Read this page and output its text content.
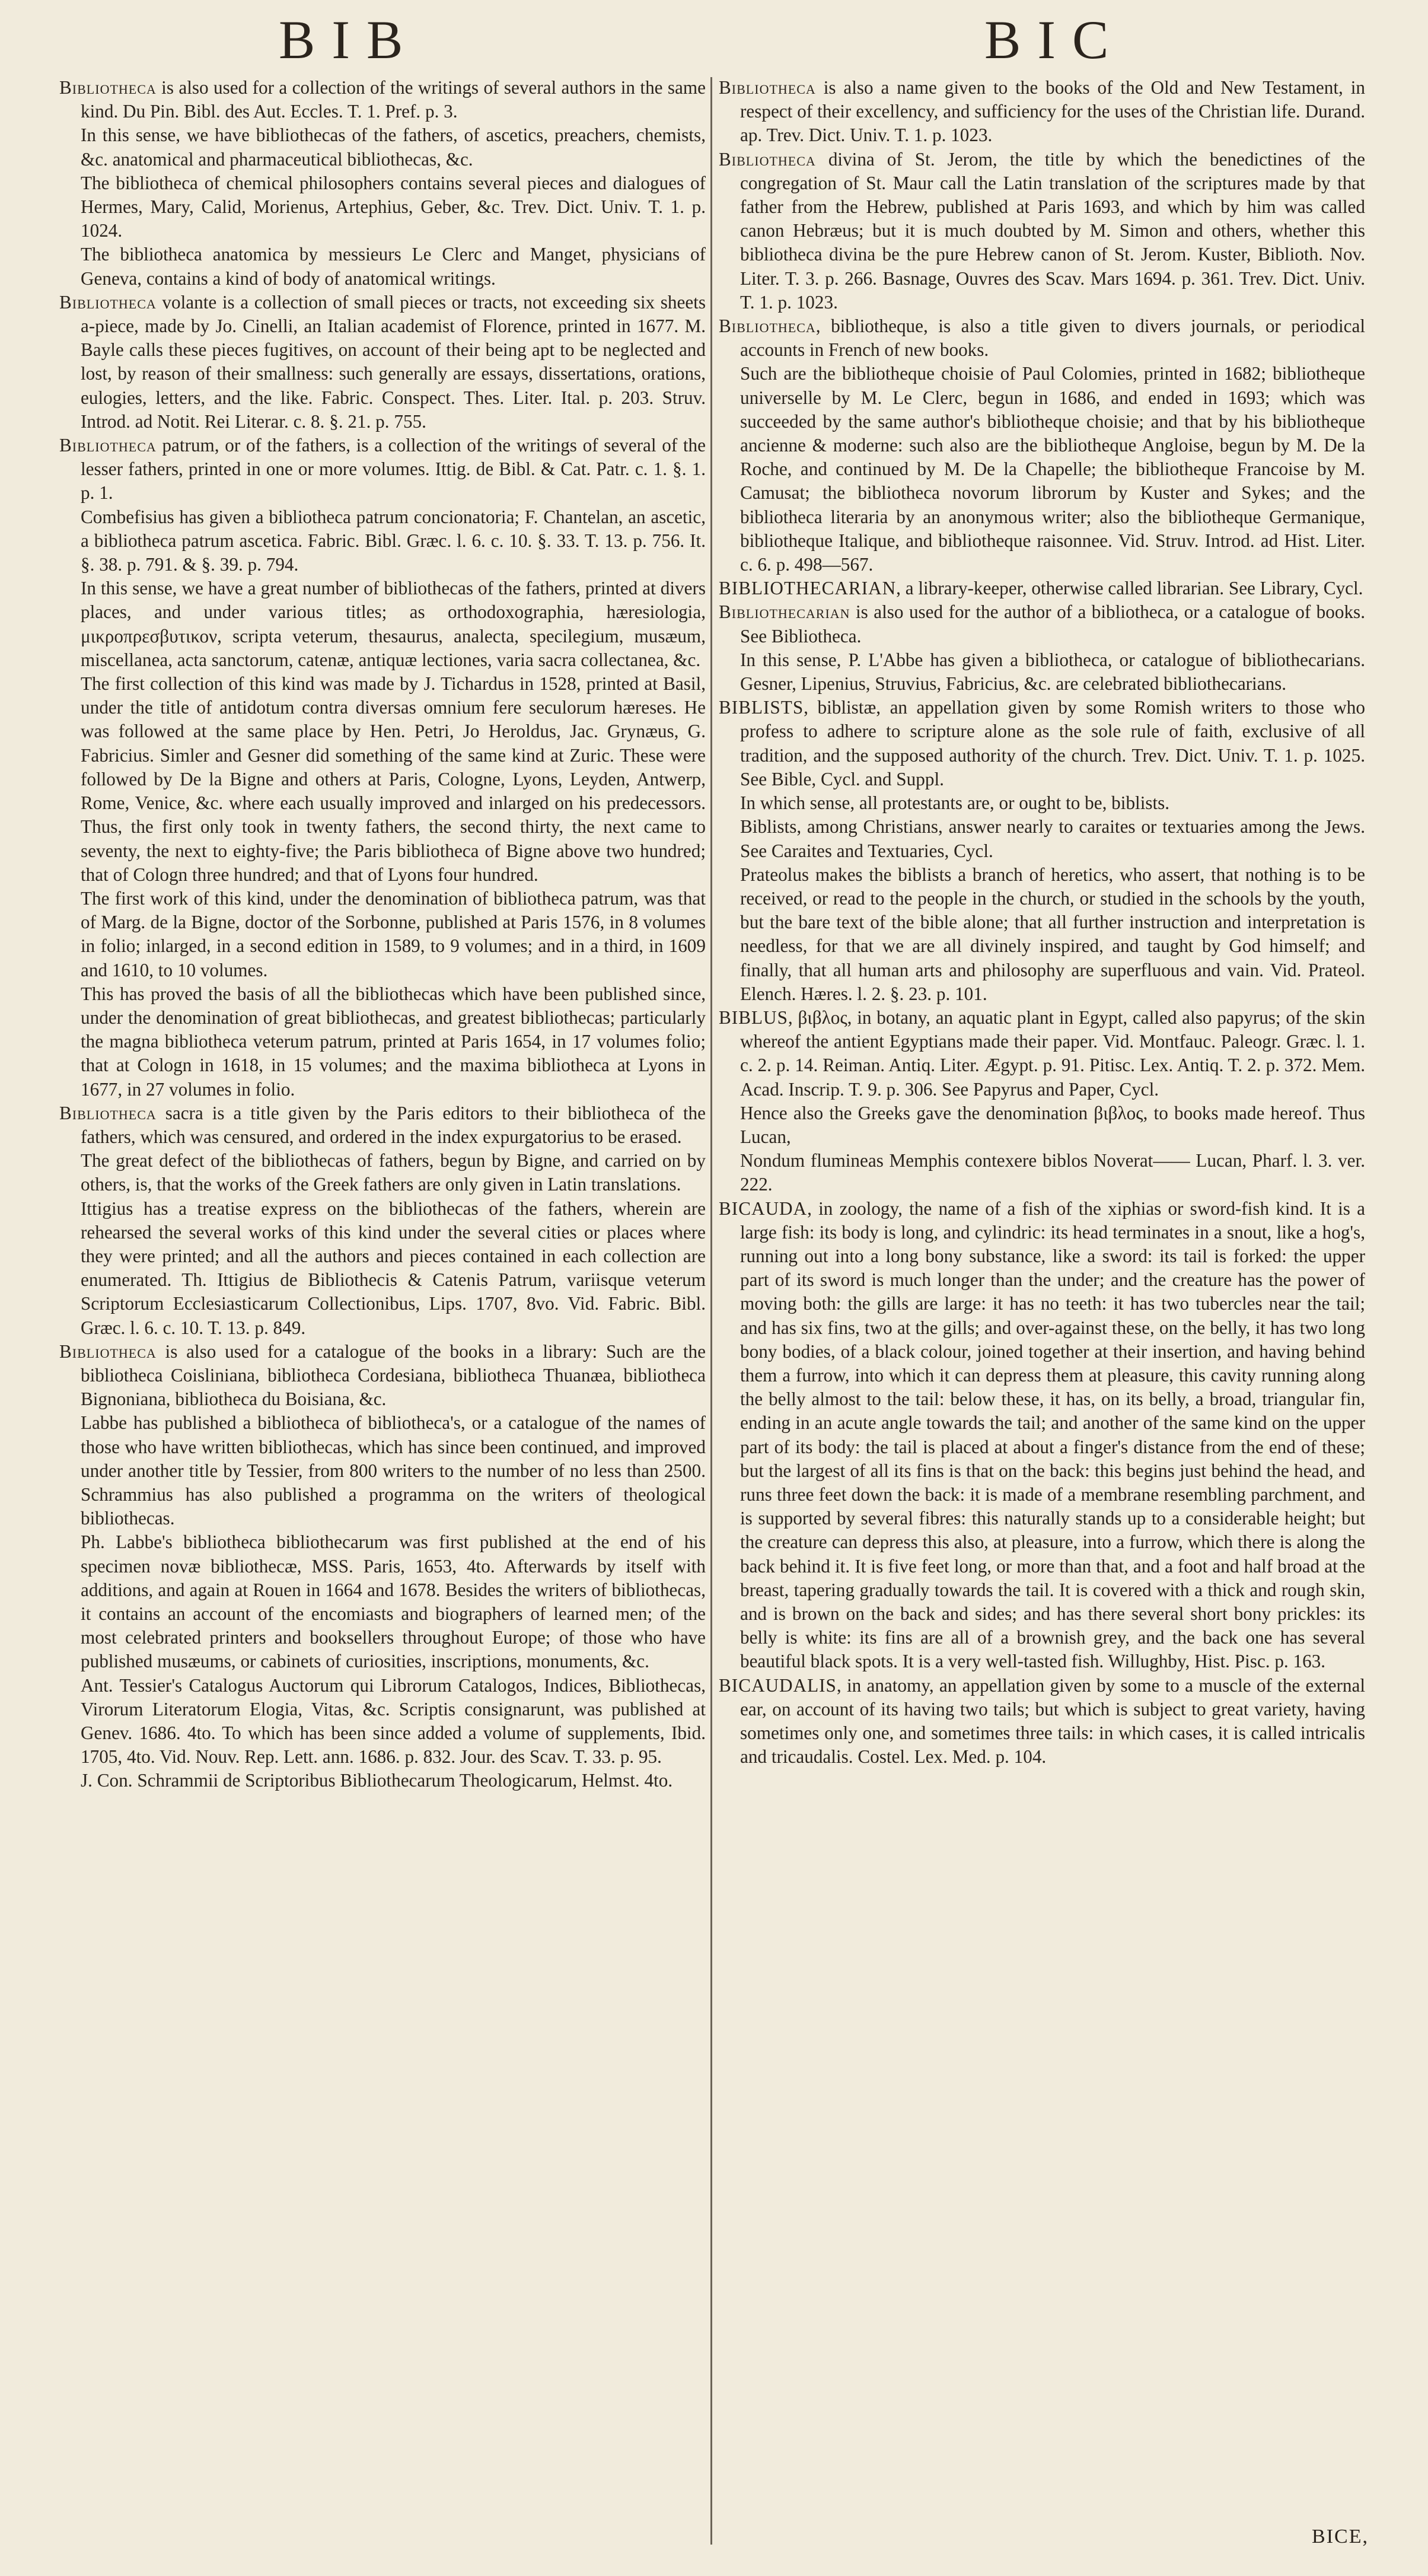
BIB	BIC

Bibliotheca is also used for a collection of the writings of several authors in the same kind. Du Pin. Bibl. des Aut. Eccles. T. 1. Pref. p. 3.

In this sense, we have bibliothecas of the fathers, of ascetics, preachers, chemists, &c. anatomical and pharmaceutical bibliothecas, &c.

The bibliotheca of chemical philosophers contains several pieces and dialogues of Hermes, Mary, Calid, Morienus, Artephius, Geber, &c. Trev. Dict. Univ. T. 1. p. 1024.

The bibliotheca anatomica by messieurs Le Clerc and Manget, physicians of Geneva, contains a kind of body of anatomical writings.

Bibliotheca volante is a collection of small pieces or tracts, not exceeding six sheets a-piece, made by Jo. Cinelli, an Italian academist of Florence, printed in 1677. M. Bayle calls these pieces fugitives, on account of their being apt to be neglected and lost, by reason of their smallness: such generally are essays, dissertations, orations, eulogies, letters, and the like. Fabric. Conspect. Thes. Liter. Ital. p. 203. Struv. Introd. ad Notit. Rei Literar. c. 8. §. 21. p. 755.

Bibliotheca patrum, or of the fathers, is a collection of the writings of several of the lesser fathers, printed in one or more volumes. Ittig. de Bibl. & Cat. Patr. c. 1. §. 1. p. 1.

Combefisius has given a bibliotheca patrum concionatoria; F. Chantelan, an ascetic, a bibliotheca patrum ascetica. Fabric. Bibl. Græc. l. 6. c. 10. §. 33. T. 13. p. 756. It. §. 38. p. 791. & §. 39. p. 794.

In this sense, we have a great number of bibliothecas of the fathers, printed at divers places, and under various titles; as orthodoxographia, hæresiologia, μικροπρεσβυτικον, scripta veterum, thesaurus, analecta, specilegium, musæum, miscellanea, acta sanctorum, catenæ, antiquæ lectiones, varia sacra collectanea, &c.

The first collection of this kind was made by J. Tichardus in 1528, printed at Basil, under the title of antidotum contra diversas omnium fere seculorum hæreses. He was followed at the same place by Hen. Petri, Jo Heroldus, Jac. Grynæus, G. Fabricius. Simler and Gesner did something of the same kind at Zuric. These were followed by De la Bigne and others at Paris, Cologne, Lyons, Leyden, Antwerp, Rome, Venice, &c. where each usually improved and inlarged on his predecessors. Thus, the first only took in twenty fathers, the second thirty, the next came to seventy, the next to eighty-five; the Paris bibliotheca of Bigne above two hundred; that of Cologn three hundred; and that of Lyons four hundred.

The first work of this kind, under the denomination of bibliotheca patrum, was that of Marg. de la Bigne, doctor of the Sorbonne, published at Paris 1576, in 8 volumes in folio; inlarged, in a second edition in 1589, to 9 volumes; and in a third, in 1609 and 1610, to 10 volumes.

This has proved the basis of all the bibliothecas which have been published since, under the denomination of great bibliothecas, and greatest bibliothecas; particularly the magna bibliotheca veterum patrum, printed at Paris 1654, in 17 volumes folio; that at Cologn in 1618, in 15 volumes; and the maxima bibliotheca at Lyons in 1677, in 27 volumes in folio.

Bibliotheca sacra is a title given by the Paris editors to their bibliotheca of the fathers, which was censured, and ordered in the index expurgatorius to be erased.

The great defect of the bibliothecas of fathers, begun by Bigne, and carried on by others, is, that the works of the Greek fathers are only given in Latin translations.

Ittigius has a treatise express on the bibliothecas of the fathers, wherein are rehearsed the several works of this kind under the several cities or places where they were printed; and all the authors and pieces contained in each collection are enumerated. Th. Ittigius de Bibliothecis & Catenis Patrum, variisque veterum Scriptorum Ecclesiasticarum Collectionibus, Lips. 1707, 8vo. Vid. Fabric. Bibl. Græc. l. 6. c. 10. T. 13. p. 849.

Bibliotheca is also used for a catalogue of the books in a library: Such are the bibliotheca Coisliniana, bibliotheca Cordesiana, bibliotheca Thuanæa, bibliotheca Bignoniana, bibliotheca du Boisiana, &c.

Labbe has published a bibliotheca of bibliotheca's, or a catalogue of the names of those who have written bibliothecas, which has since been continued, and improved under another title by Tessier, from 800 writers to the number of no less than 2500. Schrammius has also published a programma on the writers of theological bibliothecas.

Ph. Labbe's bibliotheca bibliothecarum was first published at the end of his specimen novæ bibliothecæ, MSS. Paris, 1653, 4to. Afterwards by itself with additions, and again at Rouen in 1664 and 1678. Besides the writers of bibliothecas, it contains an account of the encomiasts and biographers of learned men; of the most celebrated printers and booksellers throughout Europe; of those who have published musæums, or cabinets of curiosities, inscriptions, monuments, &c.

Ant. Tessier's Catalogus Auctorum qui Librorum Catalogos, Indices, Bibliothecas, Virorum Literatorum Elogia, Vitas, &c. Scriptis consignarunt, was published at Genev. 1686. 4to. To which has been since added a volume of supplements, Ibid. 1705, 4to. Vid. Nouv. Rep. Lett. ann. 1686. p. 832. Jour. des Scav. T. 33. p. 95.

J. Con. Schrammii de Scriptoribus Bibliothecarum Theologicarum, Helmst. 4to.

Bibliotheca is also a name given to the books of the Old and New Testament, in respect of their excellency, and sufficiency for the uses of the Christian life. Durand. ap. Trev. Dict. Univ. T. 1. p. 1023.

Bibliotheca divina of St. Jerom, the title by which the benedictines of the congregation of St. Maur call the Latin translation of the scriptures made by that father from the Hebrew, published at Paris 1693, and which by him was called canon Hebræus; but it is much doubted by M. Simon and others, whether this bibliotheca divina be the pure Hebrew canon of St. Jerom. Kuster, Biblioth. Nov. Liter. T. 3. p. 266. Basnage, Ouvres des Scav. Mars 1694. p. 361. Trev. Dict. Univ. T. 1. p. 1023.

Bibliotheca, bibliotheque, is also a title given to divers journals, or periodical accounts in French of new books.

Such are the bibliotheque choisie of Paul Colomies, printed in 1682; bibliotheque universelle by M. Le Clerc, begun in 1686, and ended in 1693; which was succeeded by the same author's bibliotheque choisie; and that by his bibliotheque ancienne & moderne: such also are the bibliotheque Angloise, begun by M. De la Roche, and continued by M. De la Chapelle; the bibliotheque Francoise by M. Camusat; the bibliotheca novorum librorum by Kuster and Sykes; and the bibliotheca literaria by an anonymous writer; also the bibliotheque Germanique, bibliotheque Italique, and bibliotheque raisonnee. Vid. Struv. Introd. ad Hist. Liter. c. 6. p. 498—567.

BIBLIOTHECARIAN, a library-keeper, otherwise called librarian. See Library, Cycl.

Bibliothecarian is also used for the author of a bibliotheca, or a catalogue of books. See Bibliotheca.

In this sense, P. L'Abbe has given a bibliotheca, or catalogue of bibliothecarians. Gesner, Lipenius, Struvius, Fabricius, &c. are celebrated bibliothecarians.

BIBLISTS, biblistæ, an appellation given by some Romish writers to those who profess to adhere to scripture alone as the sole rule of faith, exclusive of all tradition, and the supposed authority of the church. Trev. Dict. Univ. T. 1. p. 1025. See Bible, Cycl. and Suppl.

In which sense, all protestants are, or ought to be, biblists.

Biblists, among Christians, answer nearly to caraites or textuaries among the Jews. See Caraites and Textuaries, Cycl.

Prateolus makes the biblists a branch of heretics, who assert, that nothing is to be received, or read to the people in the church, or studied in the schools by the youth, but the bare text of the bible alone; that all further instruction and interpretation is needless, for that we are all divinely inspired, and taught by God himself; and finally, that all human arts and philosophy are superfluous and vain. Vid. Prateol. Elench. Hæres. l. 2. §. 23. p. 101.

BIBLUS, βιβλος, in botany, an aquatic plant in Egypt, called also papyrus; of the skin whereof the antient Egyptians made their paper. Vid. Montfauc. Paleogr. Græc. l. 1. c. 2. p. 14. Reiman. Antiq. Liter. Ægypt. p. 91. Pitisc. Lex. Antiq. T. 2. p. 372. Mem. Acad. Inscrip. T. 9. p. 306. See Papyrus and Paper, Cycl.

Hence also the Greeks gave the denomination βιβλος, to books made hereof. Thus Lucan,

Nondum flumineas Memphis contexere biblos Noverat—— Lucan, Pharf. l. 3. ver. 222.

BICAUDA, in zoology, the name of a fish of the xiphias or sword-fish kind. It is a large fish: its body is long, and cylindric: its head terminates in a snout, like a hog's, running out into a long bony substance, like a sword: its tail is forked: the upper part of its sword is much longer than the under; and the creature has the power of moving both: the gills are large: it has no teeth: it has two tubercles near the tail; and has six fins, two at the gills; and over-against these, on the belly, it has two long bony bodies, of a black colour, joined together at their insertion, and having behind them a furrow, into which it can depress them at pleasure, this cavity running along the belly almost to the tail: below these, it has, on its belly, a broad, triangular fin, ending in an acute angle towards the tail; and another of the same kind on the upper part of its body: the tail is placed at about a finger's distance from the end of these; but the largest of all its fins is that on the back: this begins just behind the head, and runs three feet down the back: it is made of a membrane resembling parchment, and is supported by several fibres: this naturally stands up to a considerable height; but the creature can depress this also, at pleasure, into a furrow, which there is along the back behind it. It is five feet long, or more than that, and a foot and half broad at the breast, tapering gradually towards the tail. It is covered with a thick and rough skin, and is brown on the back and sides; and has there several short bony prickles: its belly is white: its fins are all of a brownish grey, and the back one has several beautiful black spots. It is a very well-tasted fish. Willughby, Hist. Pisc. p. 163.

BICAUDALIS, in anatomy, an appellation given by some to a muscle of the external ear, on account of its having two tails; but which is subject to great variety, having sometimes only one, and sometimes three tails: in which cases, it is called intricalis and tricaudalis. Costel. Lex. Med. p. 104.

BICE,
